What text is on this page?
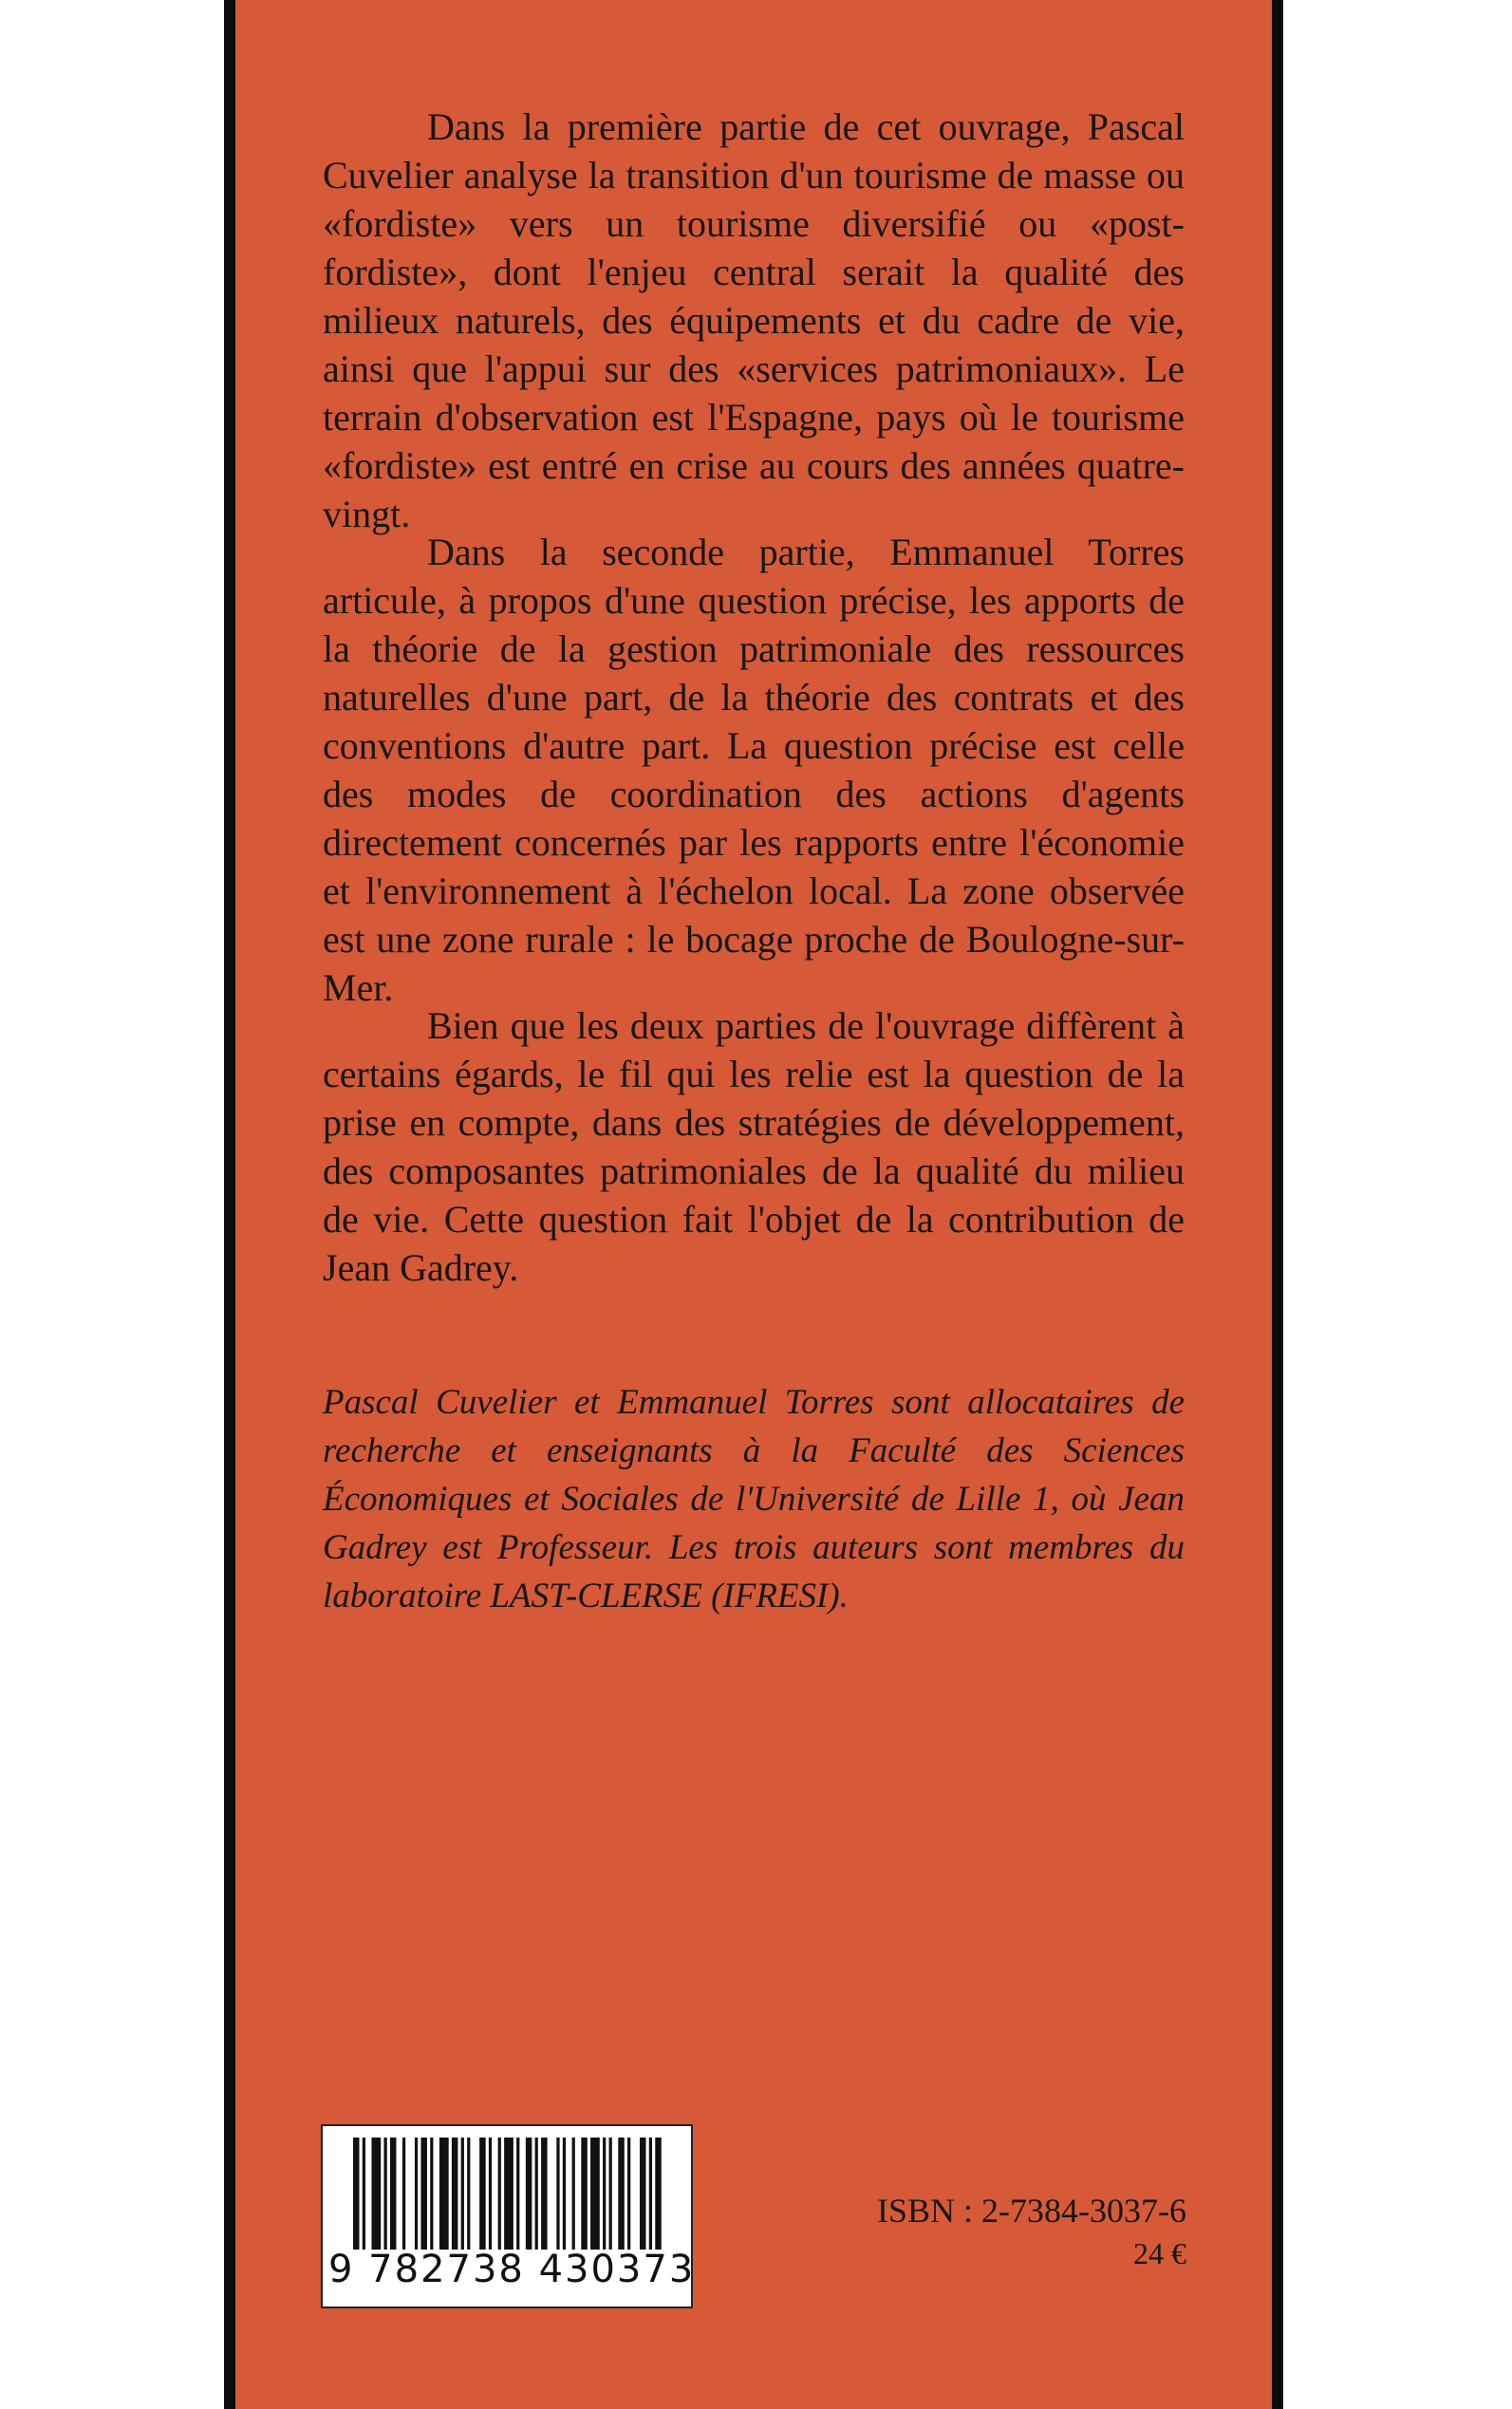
Dans la première partie de cet ouvrage, Pascal Cuvelier analyse la transition d'un tourisme de masse ou «fordiste» vers un tourisme diversifié ou «post-fordiste», dont l'enjeu central serait la qualité des milieux naturels, des équipements et du cadre de vie, ainsi que l'appui sur des «services patrimoniaux». Le terrain d'observation est l'Espagne, pays où le tourisme «fordiste» est entré en crise au cours des années quatre-vingt.

Dans la seconde partie, Emmanuel Torres articule, à propos d'une question précise, les apports de la théorie de la gestion patrimoniale des ressources naturelles d'une part, de la théorie des contrats et des conventions d'autre part. La question précise est celle des modes de coordination des actions d'agents directement concernés par les rapports entre l'économie et l'environnement à l'échelon local. La zone observée est une zone rurale : le bocage proche de Boulogne-sur-Mer.

Bien que les deux parties de l'ouvrage diffèrent à certains égards, le fil qui les relie est la question de la prise en compte, dans des stratégies de développement, des composantes patrimoniales de la qualité du milieu de vie. Cette question fait l'objet de la contribution de Jean Gadrey.

Pascal Cuvelier et Emmanuel Torres sont allocataires de recherche et enseignants à la Faculté des Sciences Économiques et Sociales de l'Université de Lille 1, où Jean Gadrey est Professeur. Les trois auteurs sont membres du laboratoire LAST-CLERSE (IFRESI).
9 782738 430373
ISBN : 2-7384-3037-6
24 €
